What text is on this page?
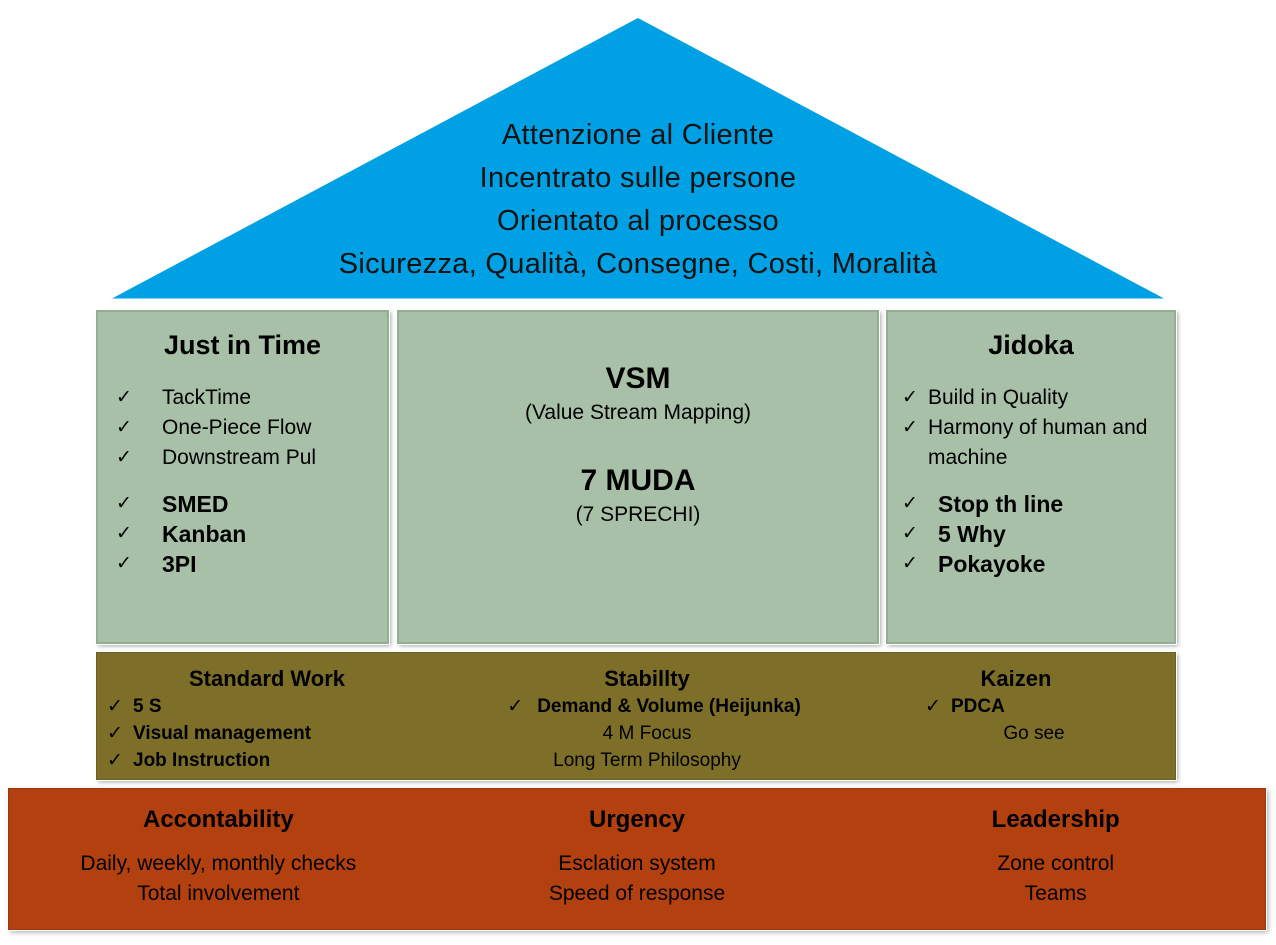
Attenzione al Cliente
Incentrato sulle persone
Orientato al processo
Sicurezza, Qualità, Consegne, Costi, Moralità
Just in Time
✓	TackTime
✓	One-Piece Flow
✓	Downstream Pul
✓	SMED
✓	Kanban
✓	3PI
VSM
(Value Stream Mapping)
7 MUDA
(7 SPRECHI)
Jidoka
✓ Build in Quality
✓ Harmony of human and machine
✓ Stop th line
✓ 5 Why
✓ Pokayoke
Standard Work
✓ 5 S
✓ Visual management
✓ Job Instruction
Stabillty
✓ Demand & Volume (Heijunka)
4 M Focus
Long Term Philosophy
Kaizen
✓ PDCA
Go see
Accontability
Daily, weekly, monthly checks
Total involvement
Urgency
Esclation system
Speed of response
Leadership
Zone control
Teams
